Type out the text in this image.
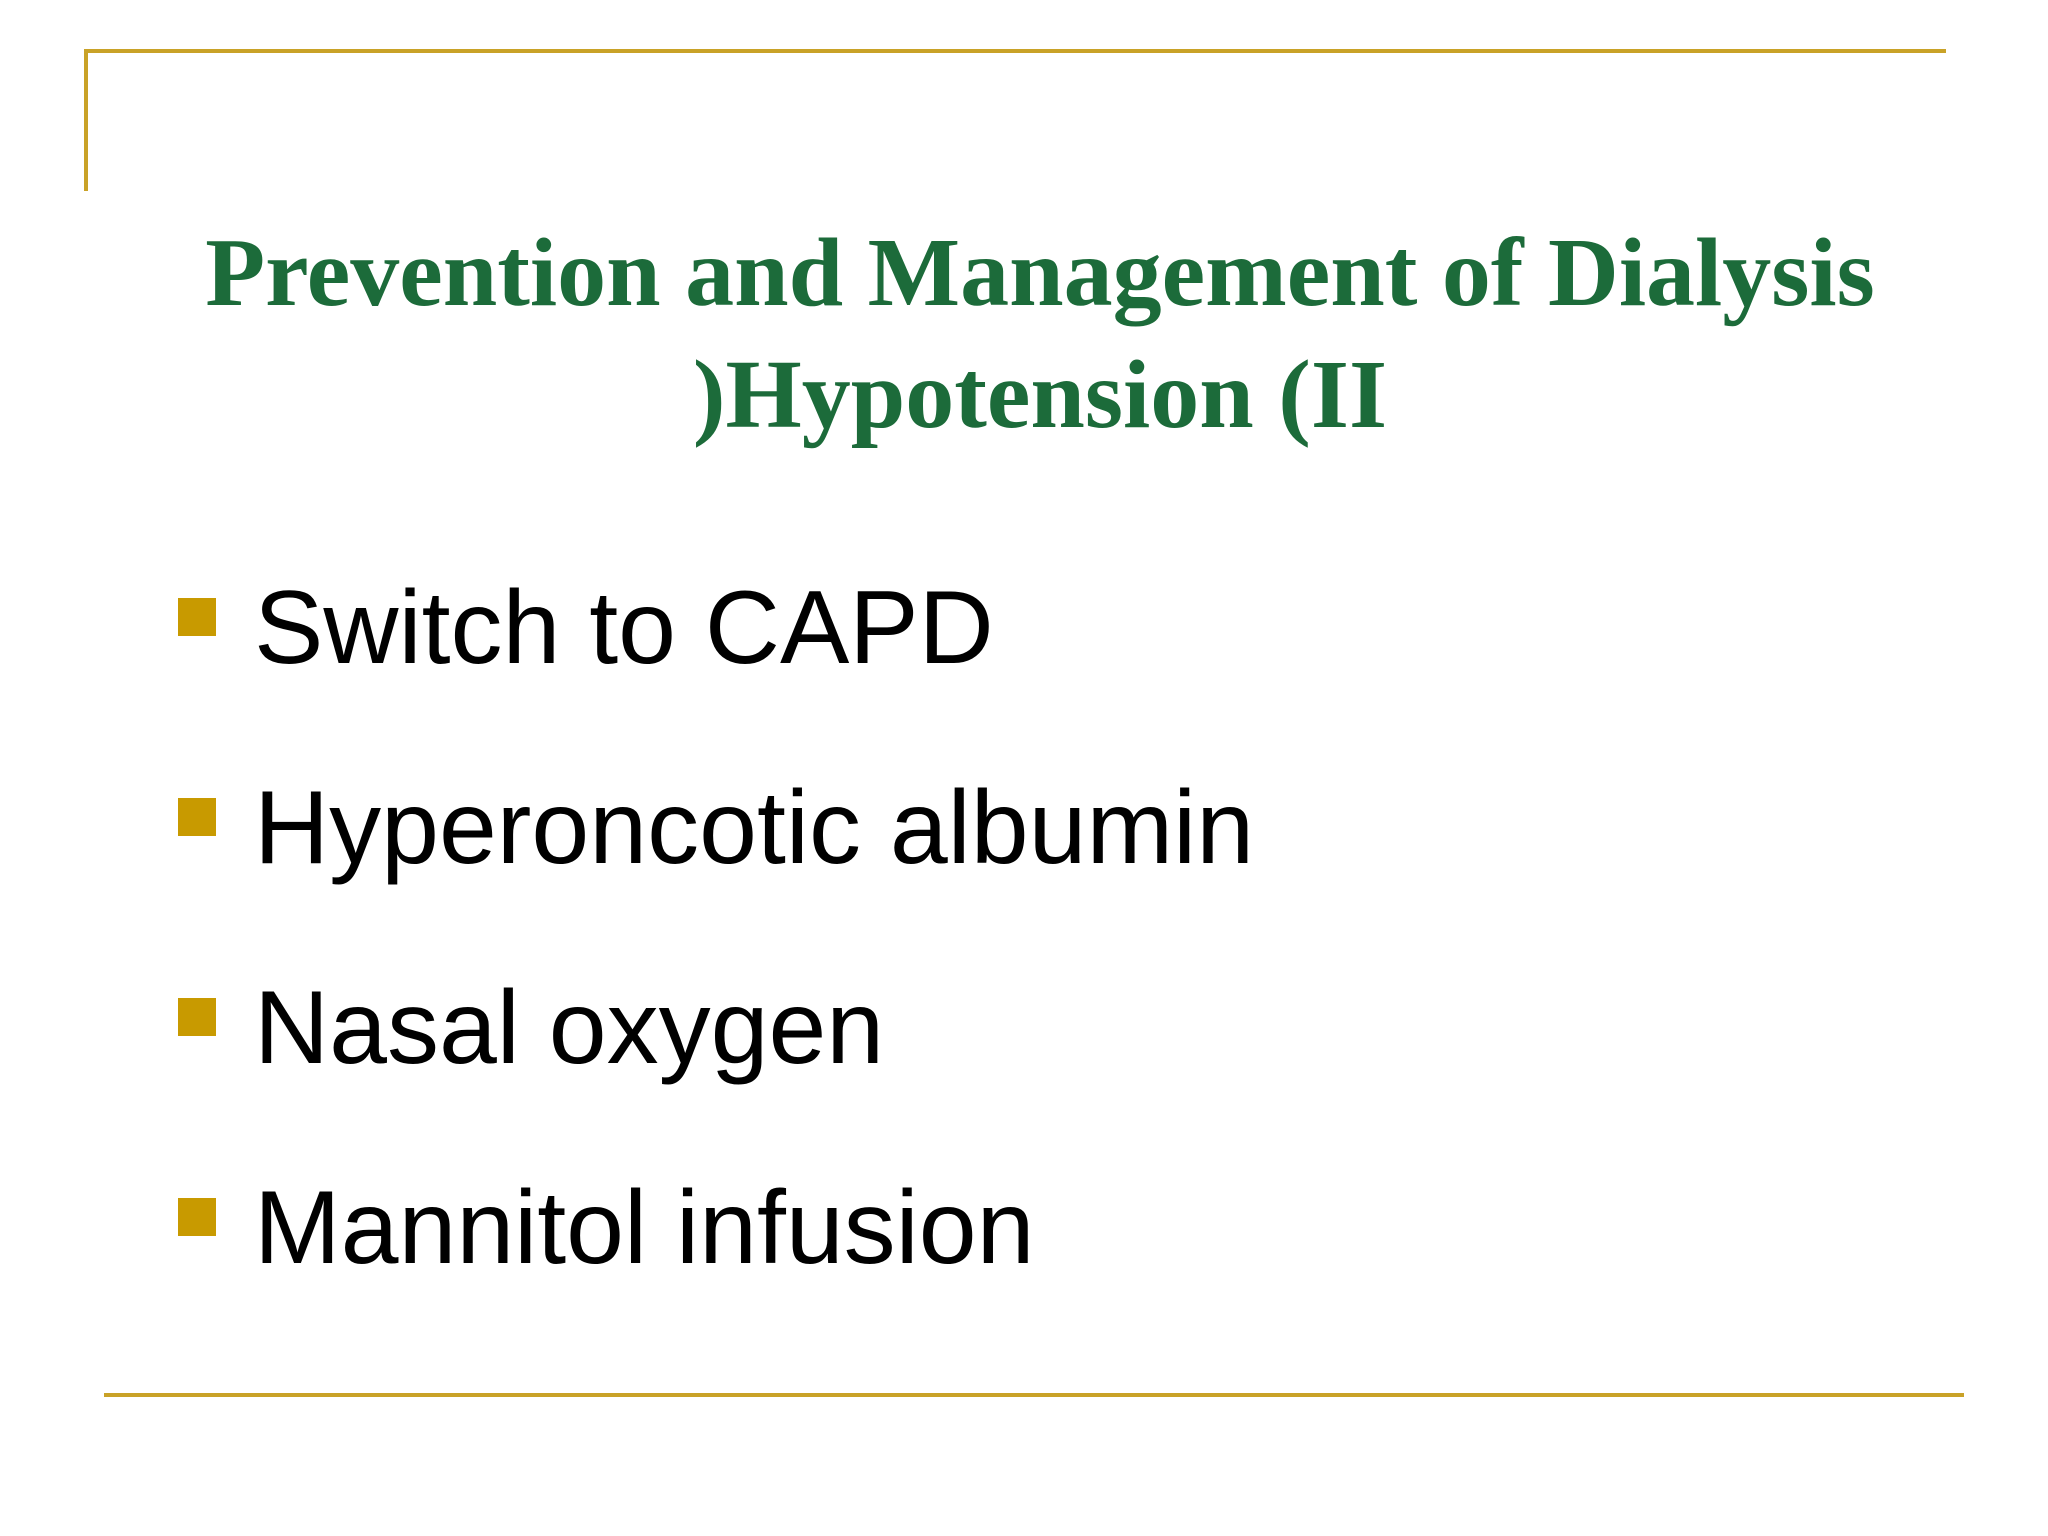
Prevention and Management of Dialysis
)Hypotension (II
Switch to CAPD
Hyperoncotic albumin
Nasal oxygen
Mannitol infusion
